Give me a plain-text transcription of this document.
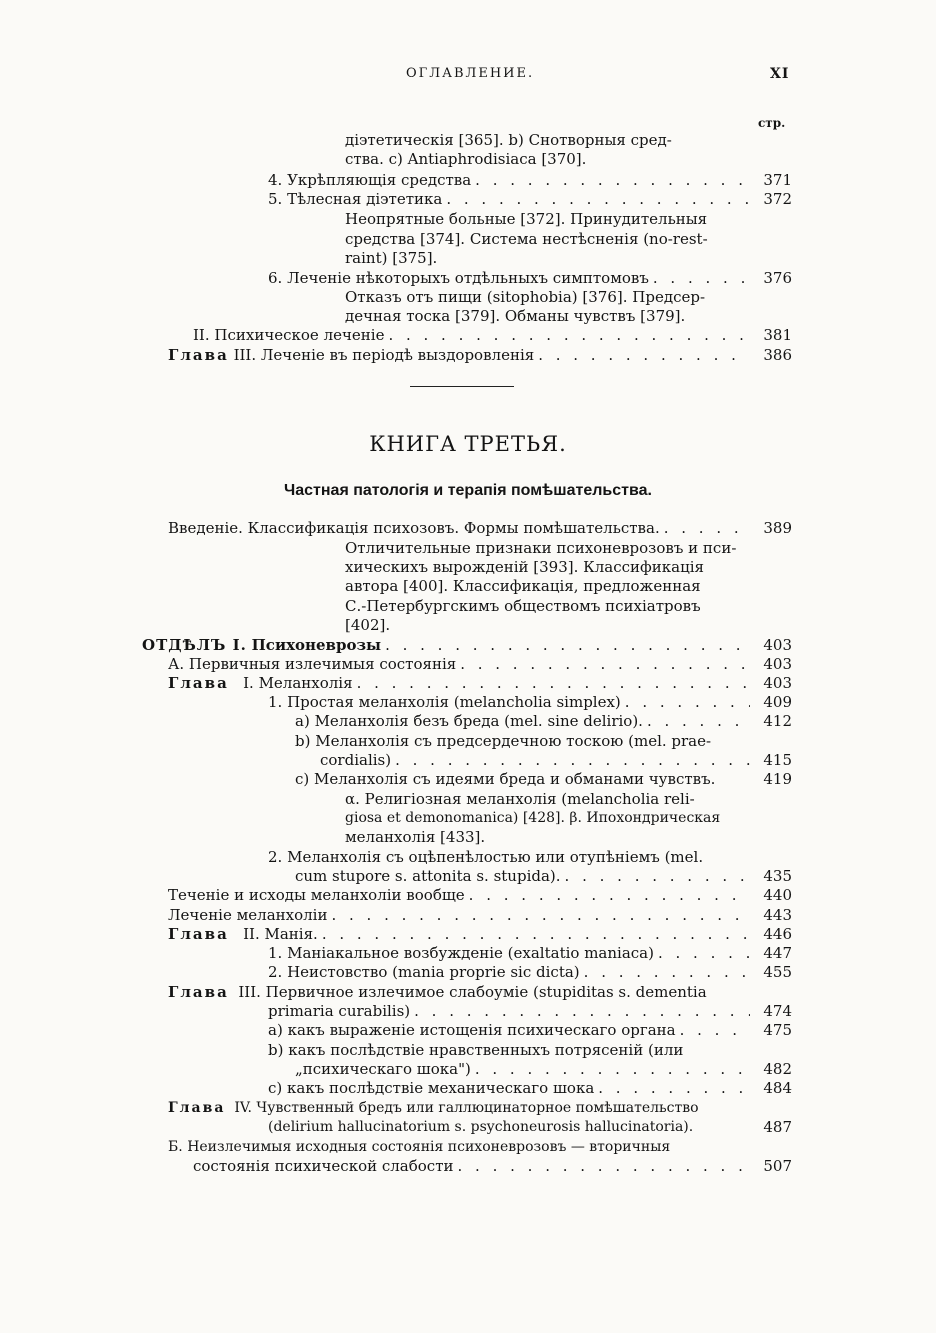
ОГЛАВЛЕНИЕ.	XI
стр.
діэтетическія [365]. b) Снотворныя сред-
ства. c) Antiaphrodisiaca [370].
4. Укрѣпляющія средства . . .	371
5. Тѣлесная діэтетика . . .	372
Неопрятные больные [372]. Принудительныя
средства [374]. Система нестѣсненія (no-rest-
raint) [375].
6. Леченіе нѣкоторыхъ отдѣльныхъ симптомовъ . . .	376
Отказъ отъ пищи (sitophobia) [376]. Предсер-
дечная тоска [379]. Обманы чувствъ [379].
II. Психическое леченіе . . .	381
Глава III. Леченіе въ періодѣ выздоровленія . . .	386
КНИГА ТРЕТЬЯ.
Частная патологія и терапія помѣшательства.
Введеніе. Классификація психозовъ. Формы помѣшательства. . . .	389
Отличительные признаки психоневрозовъ и пси-
хическихъ вырожденій [393]. Классификація
автора [400]. Классификація, предложенная
С.-Петербургскимъ обществомъ психіатровъ
[402].
ОТДѢЛЪ I. Психоневрозы . . .	403
А. Первичныя излечимыя состоянія . . .	403
Глава I. Меланхолія . . .	403
1. Простая меланхолія (melancholia simplex) . . .	409
a) Меланхолія безъ бреда (mel. sine delirio). . . .	412
b) Меланхолія съ предсердечною тоскою (mel. prae-
cordialis) . . .	415
c) Меланхолія съ идеями бреда и обманами чувствъ.	419
α. Религіозная меланхолія (melancholia reli-
giosa et demonomanica) [428]. β. Ипохондрическая
меланхолія [433].
2. Меланхолія съ оцѣпенѣлостью или отупѣніемъ (mel.
cum stupore s. attonita s. stupida). . . .	435
Теченіе и исходы меланхоліи вообще . . .	440
Леченіе меланхоліи . . .	443
Глава II. Манія. . . .	446
1. Маніакальное возбужденіе (exaltatio maniaca) . . .	447
2. Неистовство (mania proprie sic dicta) . . .	455
Глава III. Первичное излечимое слабоумiе (stupiditas s. dementia
primaria curabilis) . . .	474
a) какъ выраженіе истощенія психическаго органа . . .	475
b) какъ послѣдствіе нравственныхъ потрясеній (или
„психическаго шока") . . .	482
c) какъ послѣдствіе механическаго шока . . .	484
Глава IV. Чувственный бредъ или галлюцинаторное помѣшательство
(delirium hallucinatorium s. psychoneurosis hallucinatoria).	487
Б. Неизлечимыя исходныя состоянія психоневрозовъ — вторичныя
состоянія психической слабости . . .	507
